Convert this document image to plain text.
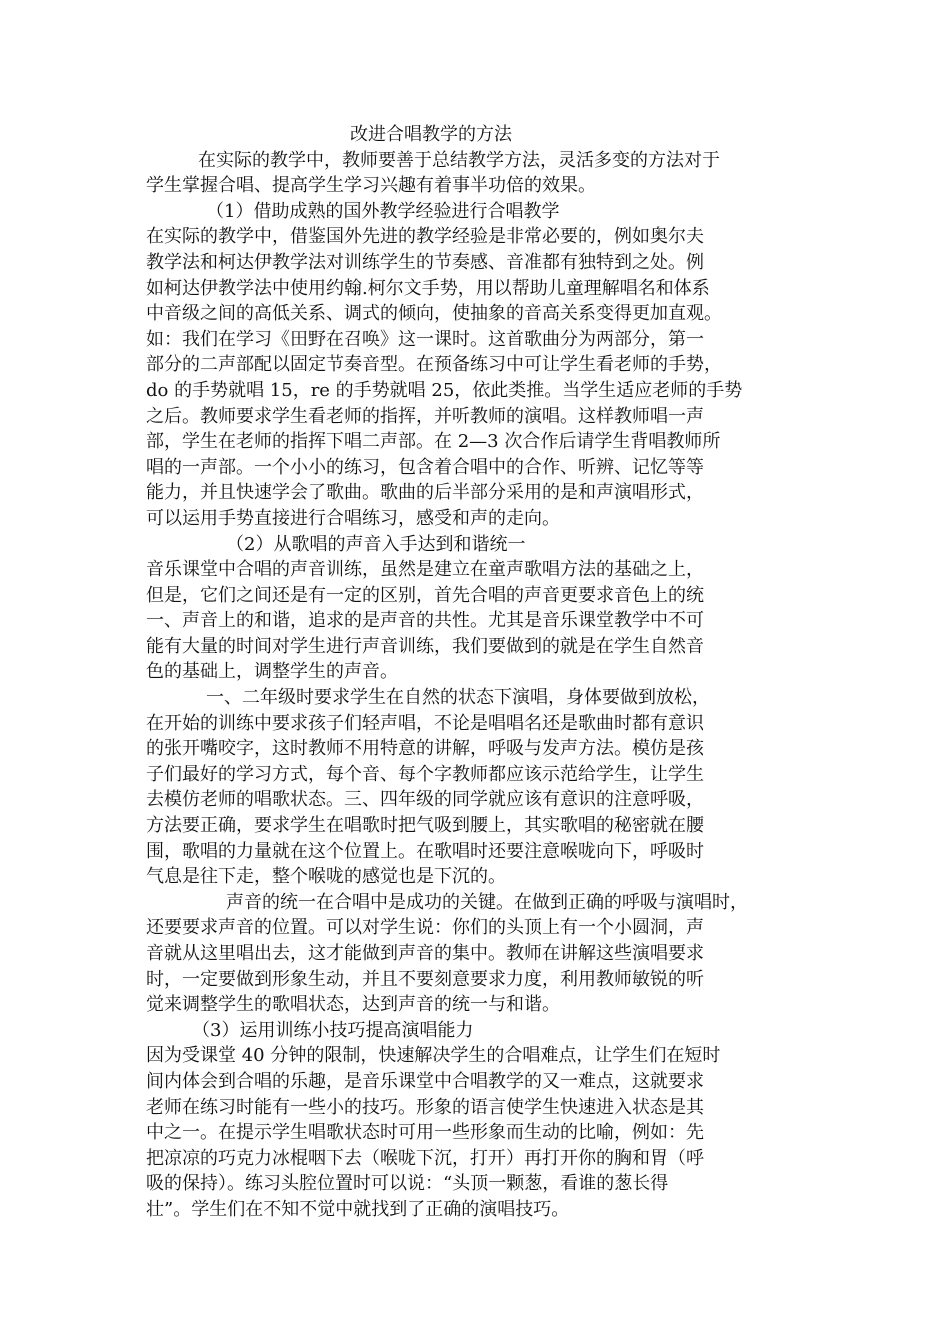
改进合唱教学的方法
在实际的教学中，教师要善于总结教学方法，灵活多变的方法对于
学生掌握合唱、提高学生学习兴趣有着事半功倍的效果。
（1）借助成熟的国外教学经验进行合唱教学
在实际的教学中，借鉴国外先进的教学经验是非常必要的，例如奥尔夫
教学法和柯达伊教学法对训练学生的节奏感、音准都有独特到之处。例
如柯达伊教学法中使用约翰.柯尔文手势，用以帮助儿童理解唱名和体系
中音级之间的高低关系、调式的倾向，使抽象的音高关系变得更加直观。
如：我们在学习《田野在召唤》这一课时。这首歌曲分为两部分，第一
部分的二声部配以固定节奏音型。在预备练习中可让学生看老师的手势，
do 的手势就唱 15，re 的手势就唱 25，依此类推。当学生适应老师的手势
之后。教师要求学生看老师的指挥，并听教师的演唱。这样教师唱一声
部，学生在老师的指挥下唱二声部。在 2—3 次合作后请学生背唱教师所
唱的一声部。一个小小的练习，包含着合唱中的合作、听辨、记忆等等
能力，并且快速学会了歌曲。歌曲的后半部分采用的是和声演唱形式，
可以运用手势直接进行合唱练习，感受和声的走向。
（2）从歌唱的声音入手达到和谐统一
音乐课堂中合唱的声音训练，虽然是建立在童声歌唱方法的基础之上，
但是，它们之间还是有一定的区别，首先合唱的声音更要求音色上的统
一、声音上的和谐，追求的是声音的共性。尤其是音乐课堂教学中不可
能有大量的时间对学生进行声音训练，我们要做到的就是在学生自然音
色的基础上，调整学生的声音。
一、二年级时要求学生在自然的状态下演唱，身体要做到放松，
在开始的训练中要求孩子们轻声唱，不论是唱唱名还是歌曲时都有意识
的张开嘴咬字，这时教师不用特意的讲解，呼吸与发声方法。模仿是孩
子们最好的学习方式，每个音、每个字教师都应该示范给学生，让学生
去模仿老师的唱歌状态。三、四年级的同学就应该有意识的注意呼吸，
方法要正确，要求学生在唱歌时把气吸到腰上，其实歌唱的秘密就在腰
围，歌唱的力量就在这个位置上。在歌唱时还要注意喉咙向下，呼吸时
气息是往下走，整个喉咙的感觉也是下沉的。
声音的统一在合唱中是成功的关键。在做到正确的呼吸与演唱时，
还要要求声音的位置。可以对学生说：你们的头顶上有一个小圆洞，声
音就从这里唱出去，这才能做到声音的集中。教师在讲解这些演唱要求
时，一定要做到形象生动，并且不要刻意要求力度，利用教师敏锐的听
觉来调整学生的歌唱状态，达到声音的统一与和谐。
（3）运用训练小技巧提高演唱能力
因为受课堂 40 分钟的限制，快速解决学生的合唱难点，让学生们在短时
间内体会到合唱的乐趣，是音乐课堂中合唱教学的又一难点，这就要求
老师在练习时能有一些小的技巧。形象的语言使学生快速进入状态是其
中之一。在提示学生唱歌状态时可用一些形象而生动的比喻，例如：先
把凉凉的巧克力冰棍咽下去（喉咙下沉，打开）再打开你的胸和胃（呼
吸的保持）。练习头腔位置时可以说：“头顶一颗葱，看谁的葱长得
壮”。学生们在不知不觉中就找到了正确的演唱技巧。
